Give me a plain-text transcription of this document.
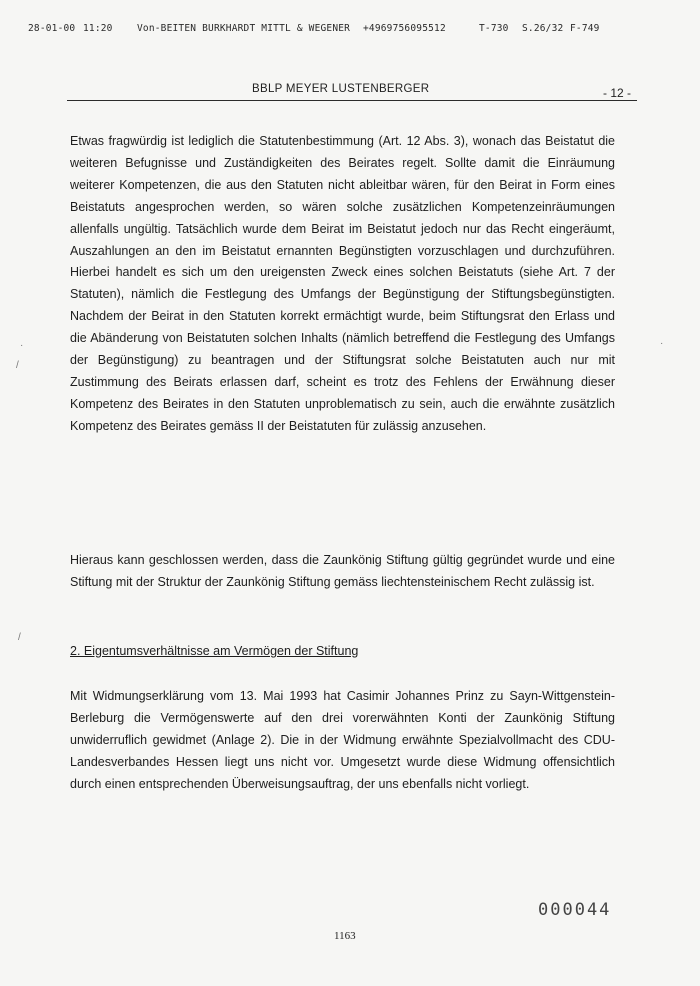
28-01-00 11:20	Von-BEITEN BURKHARDT MITTL & WEGENER +4969756095512	T-730 S.26/32 F-749
BBLP MEYER LUSTENBERGER	- 12 -

Etwas fragwürdig ist lediglich die Statutenbestimmung (Art. 12 Abs. 3), wonach das Beistatut die weiteren Befugnisse und Zuständigkeiten des Beirates regelt. Sollte damit die Einräumung weiterer Kompetenzen, die aus den Statuten nicht ableitbar wären, für den Beirat in Form eines Beistatuts angesprochen werden, so wären solche zusätzlichen Kompetenzeinräumungen allenfalls ungültig. Tatsächlich wurde dem Beirat im Beistatut jedoch nur das Recht eingeräumt, Auszahlungen an den im Beistatut ernannten Begünstigten vorzuschlagen und durchzuführen. Hierbei handelt es sich um den ureigensten Zweck eines solchen Beistatuts (siehe Art. 7 der Statuten), nämlich die Festlegung des Umfangs der Begünstigung der Stiftungsbegünstigten. Nachdem der Beirat in den Statuten korrekt ermächtigt wurde, beim Stiftungsrat den Erlass und die Abänderung von Beistatuten solchen Inhalts (nämlich betreffend die Festlegung des Umfangs der Begünstigung) zu beantragen und der Stiftungsrat solche Beistatuten auch nur mit Zustimmung des Beirats erlassen darf, scheint es trotz des Fehlens der Erwähnung dieser Kompetenz des Beirates in den Statuten unproblematisch zu sein, auch die erwähnte zusätzlich Kompetenz des Beirates gemäss II der Beistatuten für zulässig anzusehen.

Hieraus kann geschlossen werden, dass die Zaunkönig Stiftung gültig gegründet wurde und eine Stiftung mit der Struktur der Zaunkönig Stiftung gemäss liechtensteinischem Recht zulässig ist.

2. Eigentumsverhältnisse am Vermögen der Stiftung

Mit Widmungserklärung vom 13. Mai 1993 hat Casimir Johannes Prinz zu Sayn-Wittgenstein-Berleburg die Vermögenswerte auf den drei vorerwähnten Konti der Zaunkönig Stiftung unwiderruflich gewidmet (Anlage 2). Die in der Widmung erwähnte Spezialvollmacht des CDU-Landesverbandes Hessen liegt uns nicht vor. Umgesetzt wurde diese Widmung offensichtlich durch einen entsprechenden Überweisungsauftrag, der uns ebenfalls nicht vorliegt.

000044
1163
·
/
·
/
